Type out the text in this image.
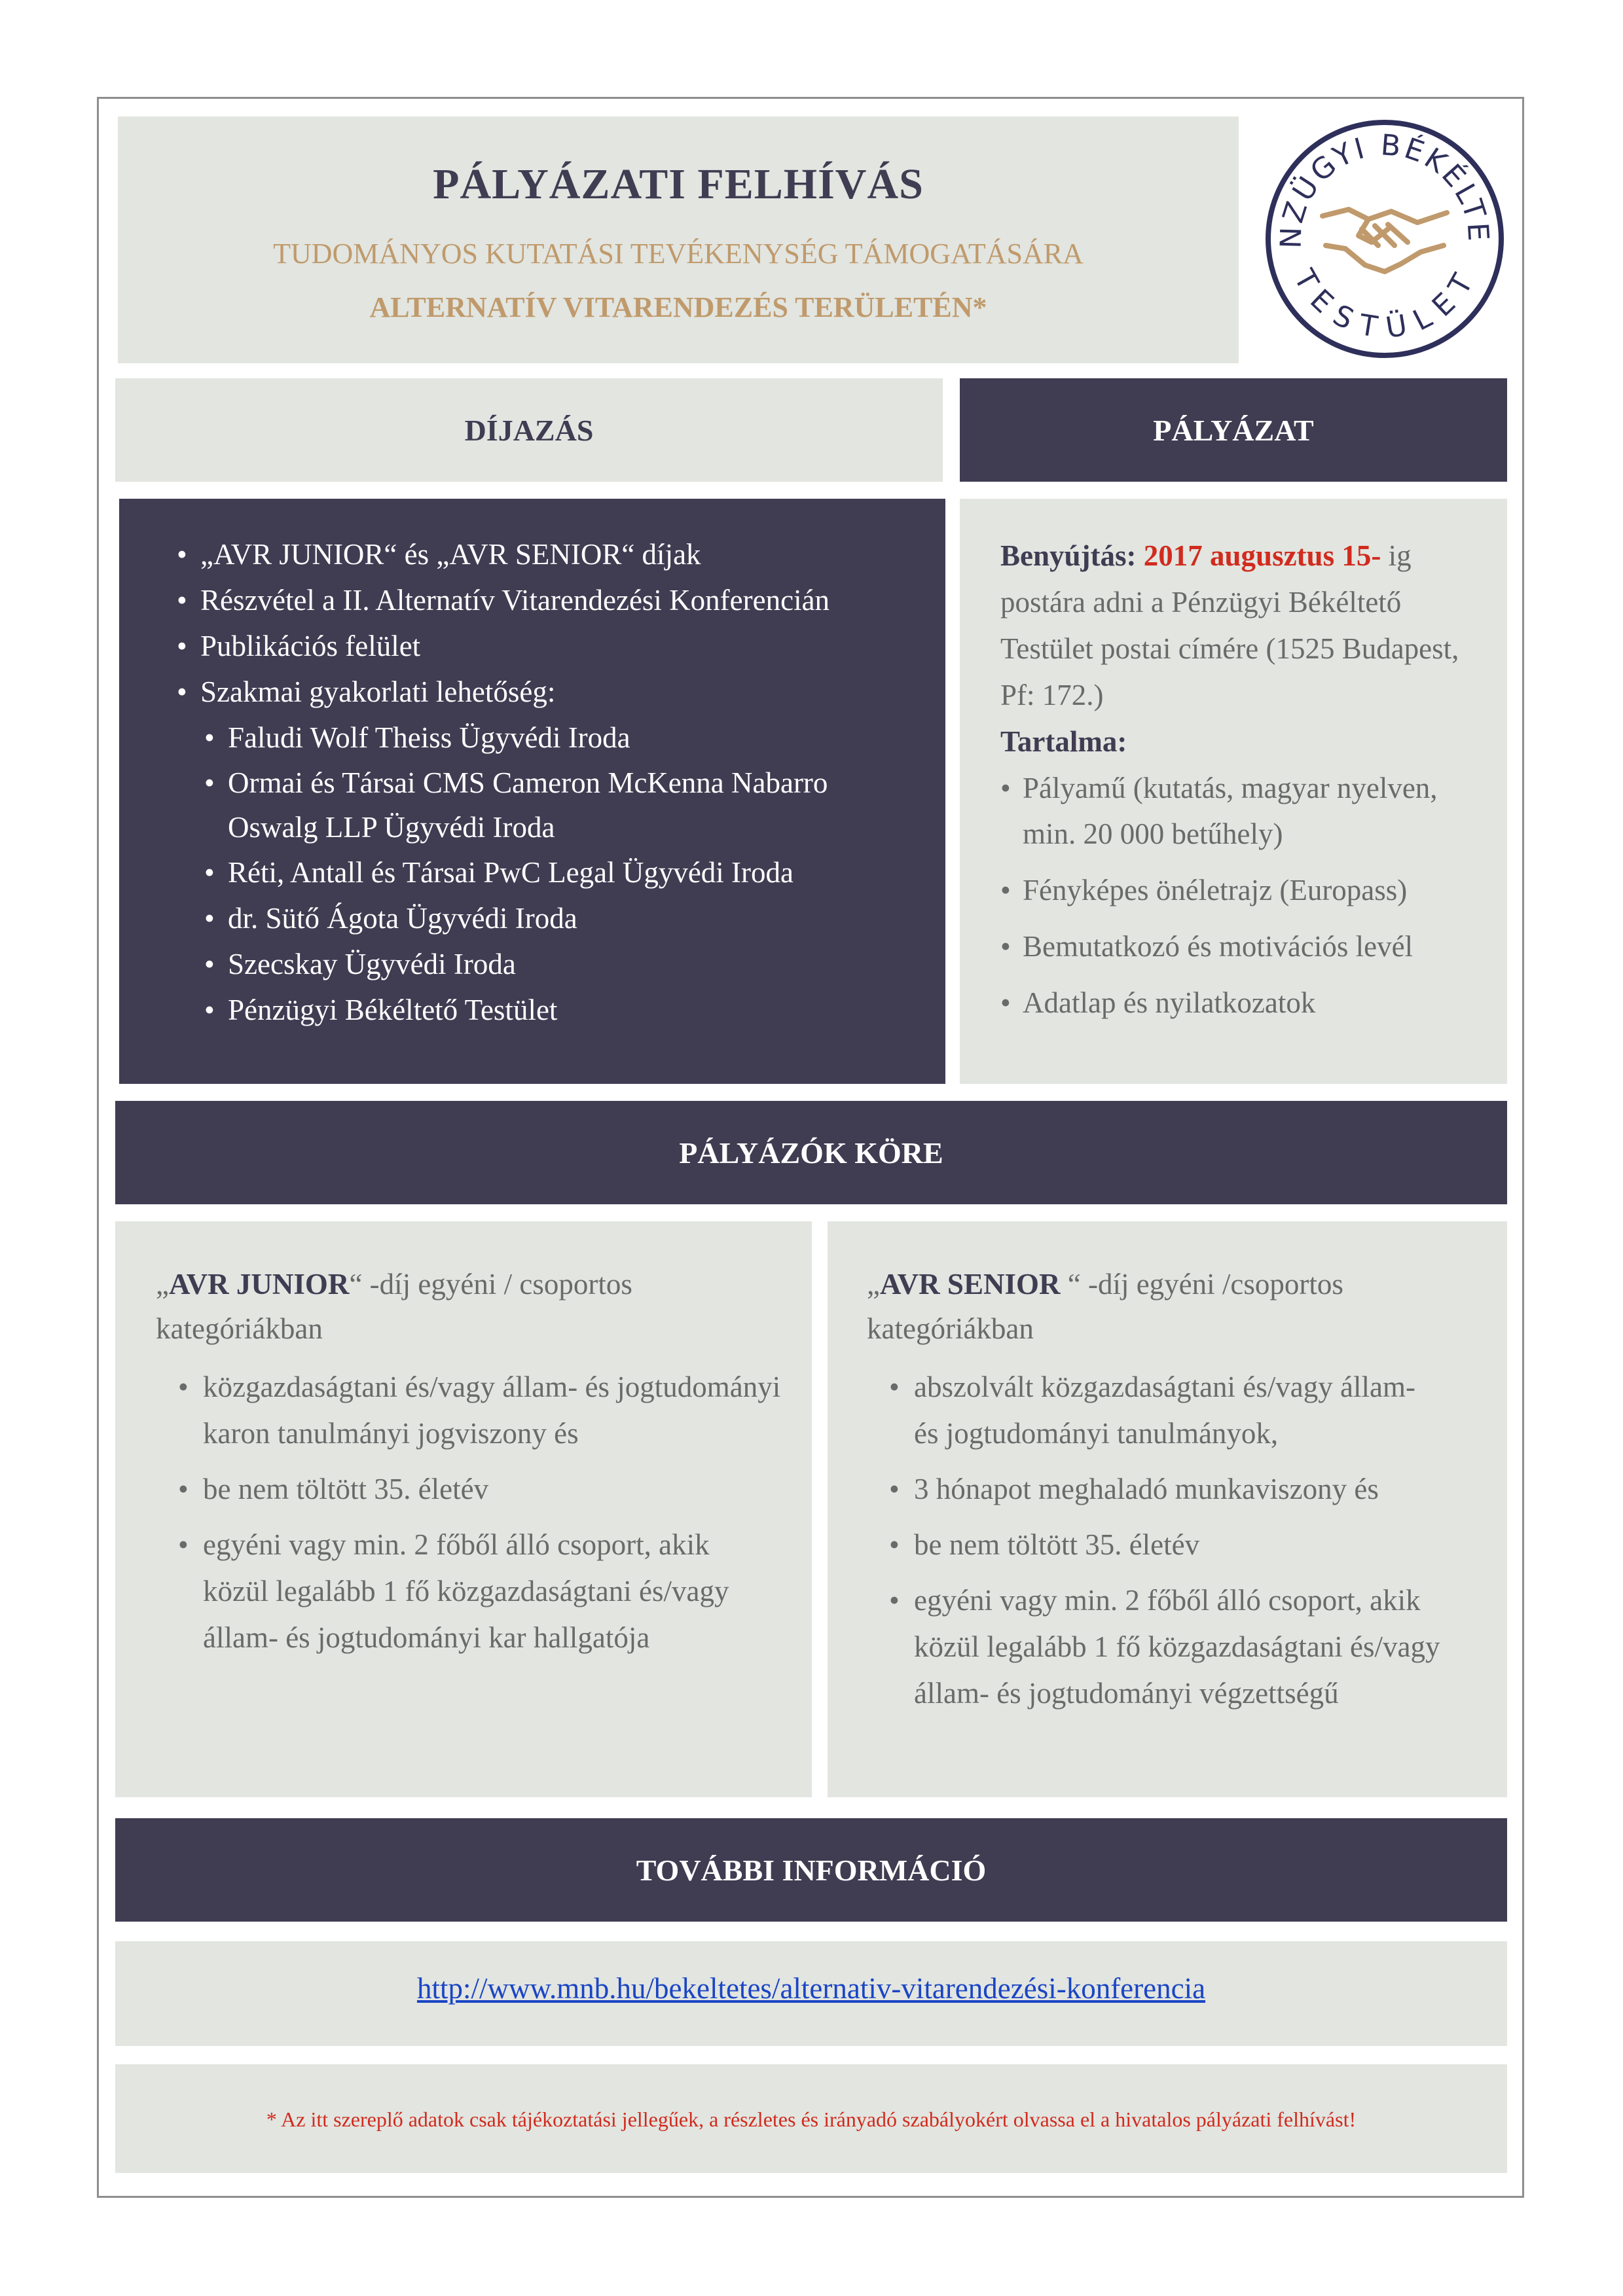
PÁLYÁZATI FELHÍVÁS
TUDOMÁNYOS KUTATÁSI TEVÉKENYSÉG TÁMOGATÁSÁRA
ALTERNATÍV VITARENDEZÉS TERÜLETÉN*
NZÜGYI BÉKÉLTE
TESTÜLET
DÍJAZÁS	PÁLYÁZAT
• „AVR JUNIOR“ és „AVR SENIOR“ díjak
• Részvétel a II. Alternatív Vitarendezési Konferencián
• Publikációs felület
• Szakmai gyakorlati lehetőség:
• Faludi Wolf Theiss Ügyvédi Iroda
• Ormai és Társai CMS Cameron McKenna Nabarro Oswalg LLP Ügyvédi Iroda
• Réti, Antall és Társai PwC Legal Ügyvédi Iroda
• dr. Sütő Ágota Ügyvédi Iroda
• Szecskay Ügyvédi Iroda
• Pénzügyi Békéltető Testület
Benyújtás: 2017 augusztus 15- ig postára adni a Pénzügyi Békéltető Testület postai címére (1525 Budapest, Pf: 172.)
Tartalma:
• Pályamű (kutatás, magyar nyelven, min. 20 000 betűhely)
• Fényképes önéletrajz (Europass)
• Bemutatkozó és motivációs levél
• Adatlap és nyilatkozatok
PÁLYÁZÓK KÖRE
„AVR JUNIOR“ -díj egyéni / csoportos kategóriákban
• közgazdaságtani és/vagy állam- és jogtudományi karon tanulmányi jogviszony és
• be nem töltött 35. életév
• egyéni vagy min. 2 főből álló csoport, akik közül legalább 1 fő közgazdaságtani és/vagy állam- és jogtudományi kar hallgatója
„AVR SENIOR “ -díj egyéni /csoportos kategóriákban
• abszolvált közgazdaságtani és/vagy állam- és jogtudományi tanulmányok,
• 3 hónapot meghaladó munkaviszony és
• be nem töltött 35. életév
• egyéni vagy min. 2 főből álló csoport, akik közül legalább 1 fő közgazdaságtani és/vagy állam- és jogtudományi végzettségű
TOVÁBBI INFORMÁCIÓ
http://www.mnb.hu/bekeltetes/alternativ-vitarendezési-konferencia
* Az itt szereplő adatok csak tájékoztatási jellegűek, a részletes és irányadó szabályokért olvassa el a hivatalos pályázati felhívást!
